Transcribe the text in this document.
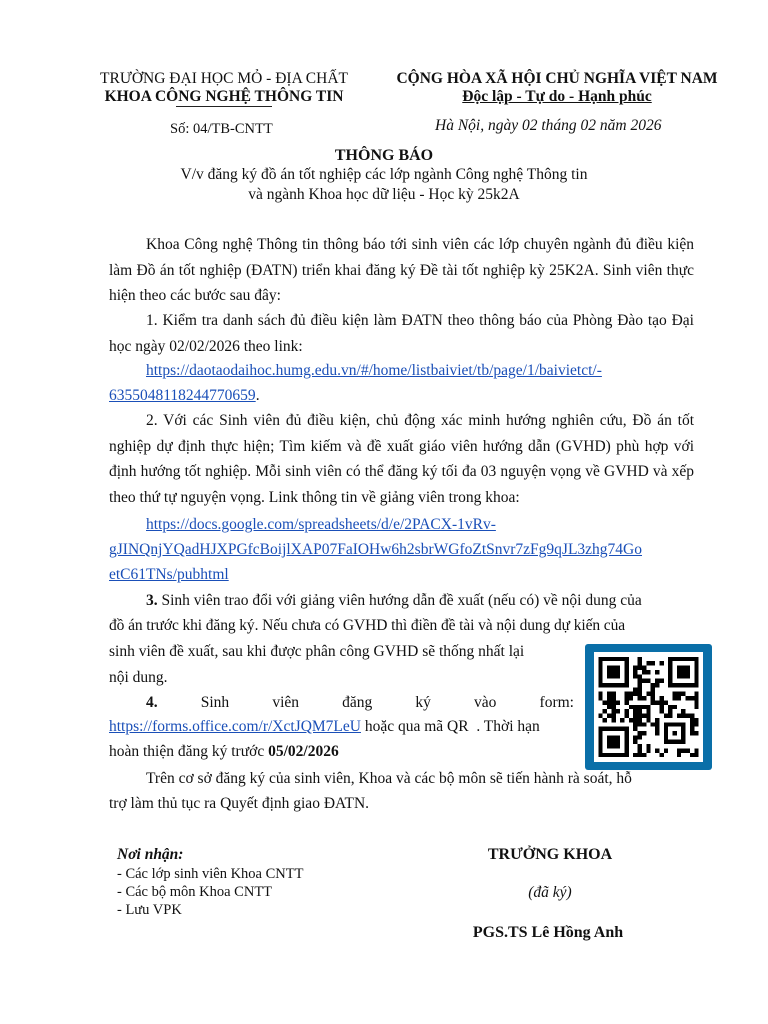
TRƯỜNG ĐẠI HỌC MỎ - ĐỊA CHẤT
KHOA CÔNG NGHỆ THÔNG TIN
Số: 04/TB-CNTT
CỘNG HÒA XÃ HỘI CHỦ NGHĨA VIỆT NAM
Độc lập - Tự do - Hạnh phúc
Hà Nội, ngày 02 tháng 02 năm 2026
THÔNG BÁO
V/v đăng ký đồ án tốt nghiệp các lớp ngành Công nghệ Thông tin
và ngành Khoa học dữ liệu - Học kỳ 25k2A
Khoa Công nghệ Thông tin thông báo tới sinh viên các lớp chuyên ngành đủ điều kiện làm Đồ án tốt nghiệp (ĐATN) triển khai đăng ký Đề tài tốt nghiệp kỳ 25K2A. Sinh viên thực hiện theo các bước sau đây:
1. Kiểm tra danh sách đủ điều kiện làm ĐATN theo thông báo của Phòng Đào tạo Đại học ngày 02/02/2026 theo link:
https://daotaodaihoc.humg.edu.vn/#/home/listbaiviet/tb/page/1/baivietct/-
6355048118244770659.
2. Với các Sinh viên đủ điều kiện, chủ động xác minh hướng nghiên cứu, Đồ án tốt nghiệp dự định thực hiện; Tìm kiếm và đề xuất giáo viên hướng dẫn (GVHD) phù hợp với định hướng tốt nghiệp. Mỗi sinh viên có thể đăng ký tối đa 03 nguyện vọng về GVHD và xếp theo thứ tự nguyện vọng. Link thông tin về giảng viên trong khoa:
https://docs.google.com/spreadsheets/d/e/2PACX-1vRv-
gJINQnjYQadHJXPGfcBoijlXAP07FaIOHw6h2sbrWGfoZtSnvr7zFg9qJL3zhg74Go
etC61TNs/pubhtml
3. Sinh viên trao đổi với giảng viên hướng dẫn đề xuất (nếu có) về nội dung của
đồ án trước khi đăng ký. Nếu chưa có GVHD thì điền đề tài và nội dung dự kiến của
sinh viên đề xuất, sau khi được phân công GVHD sẽ thống nhất lại
nội dung.
4.	Sinh	viên	đăng	ký	vào	form:
https://forms.office.com/r/XctJQM7LeU hoặc qua mã QR  . Thời hạn
hoàn thiện đăng ký trước 05/02/2026
Trên cơ sở đăng ký của sinh viên, Khoa và các bộ môn sẽ tiến hành rà soát, hỗ
trợ làm thủ tục ra Quyết định giao ĐATN.
Nơi nhận:
- Các lớp sinh viên Khoa CNTT
- Các bộ môn Khoa CNTT
- Lưu VPK
TRƯỞNG KHOA
(đã ký)
PGS.TS Lê Hồng Anh
